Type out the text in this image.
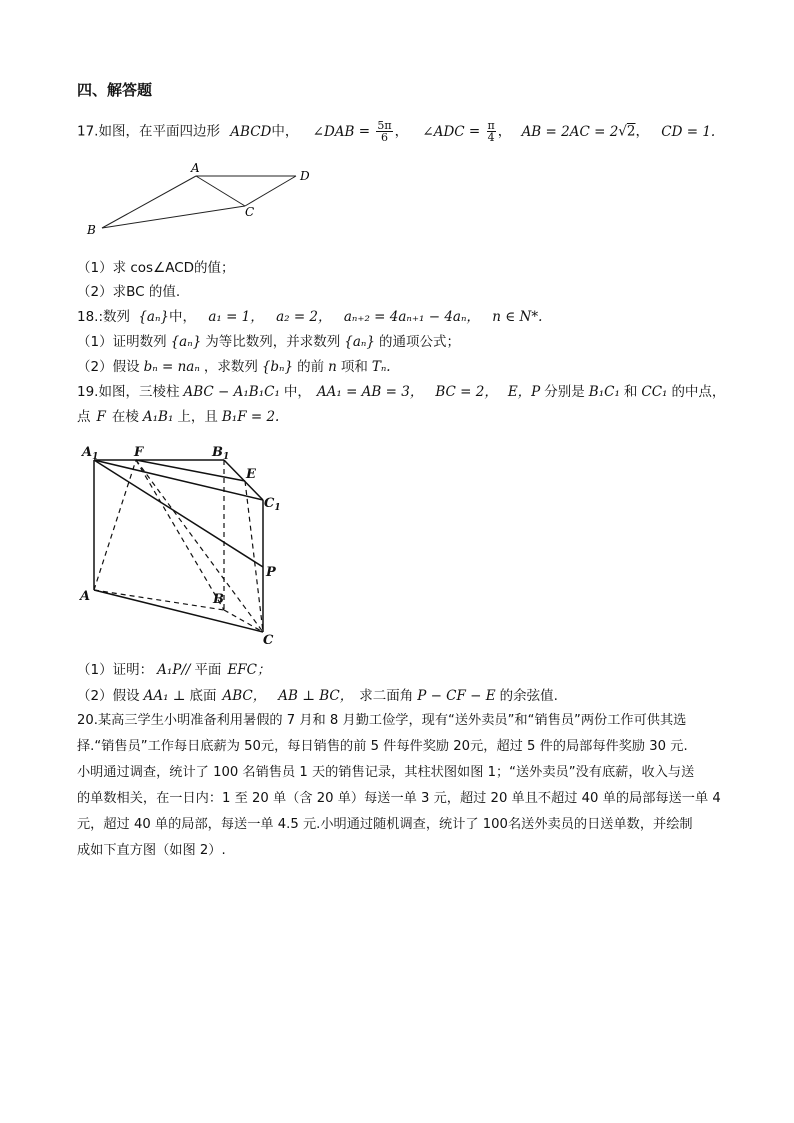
四、解答题
17.如图，在平面四边形 ABCD中， ∠DAB = $\frac{5\pi}{6}$ ， ∠ADC = $\frac{\pi}{4}$ ， AB = 2AC = 2√2， CD = 1.
A
D
C
B
（1）求 cos∠ACD的值；
（2）求BC 的值.
18.:数列 {aₙ}中， a₁ = 1， a₂ = 2， aₙ₊₂ = 4aₙ₊₁ − 4aₙ， n ∈ N*.
（1）证明数列 {aₙ} 为等比数列，并求数列 {aₙ} 的通项公式；
（2）假设 bₙ = naₙ ，求数列 {bₙ} 的前 n 项和 Tₙ.
19.如图，三棱柱 ABC − A₁B₁C₁ 中， AA₁ = AB = 3， BC = 2， E，P 分别是 B₁C₁ 和 CC₁ 的中点，
点 F 在棱 A₁B₁ 上，且 B₁F = 2.
$A_1$	F	$B_1$
E
$C_1$
P
A	B
C
（1）证明： A₁P// 平面 EFC；
（2）假设 AA₁ ⊥ 底面 ABC， AB ⊥ BC， 求二面角 P − CF − E 的余弦值.
20.某高三学生小明准备利用暑假的 7 月和 8 月勤工俭学，现有“送外卖员”和“销售员”两份工作可供其选
择.“销售员”工作每日底薪为 50元，每日销售的前 5 件每件奖励 20元，超过 5 件的局部每件奖励 30 元.
小明通过调查，统计了 100 名销售员 1 天的销售记录，其柱状图如图 1；“送外卖员”没有底薪，收入与送
的单数相关，在一日内：1 至 20 单（含 20 单）每送一单 3 元，超过 20 单且不超过 40 单的局部每送一单 4
元，超过 40 单的局部，每送一单 4.5 元.小明通过随机调查，统计了 100名送外卖员的日送单数，并绘制
成如下直方图（如图 2）.
